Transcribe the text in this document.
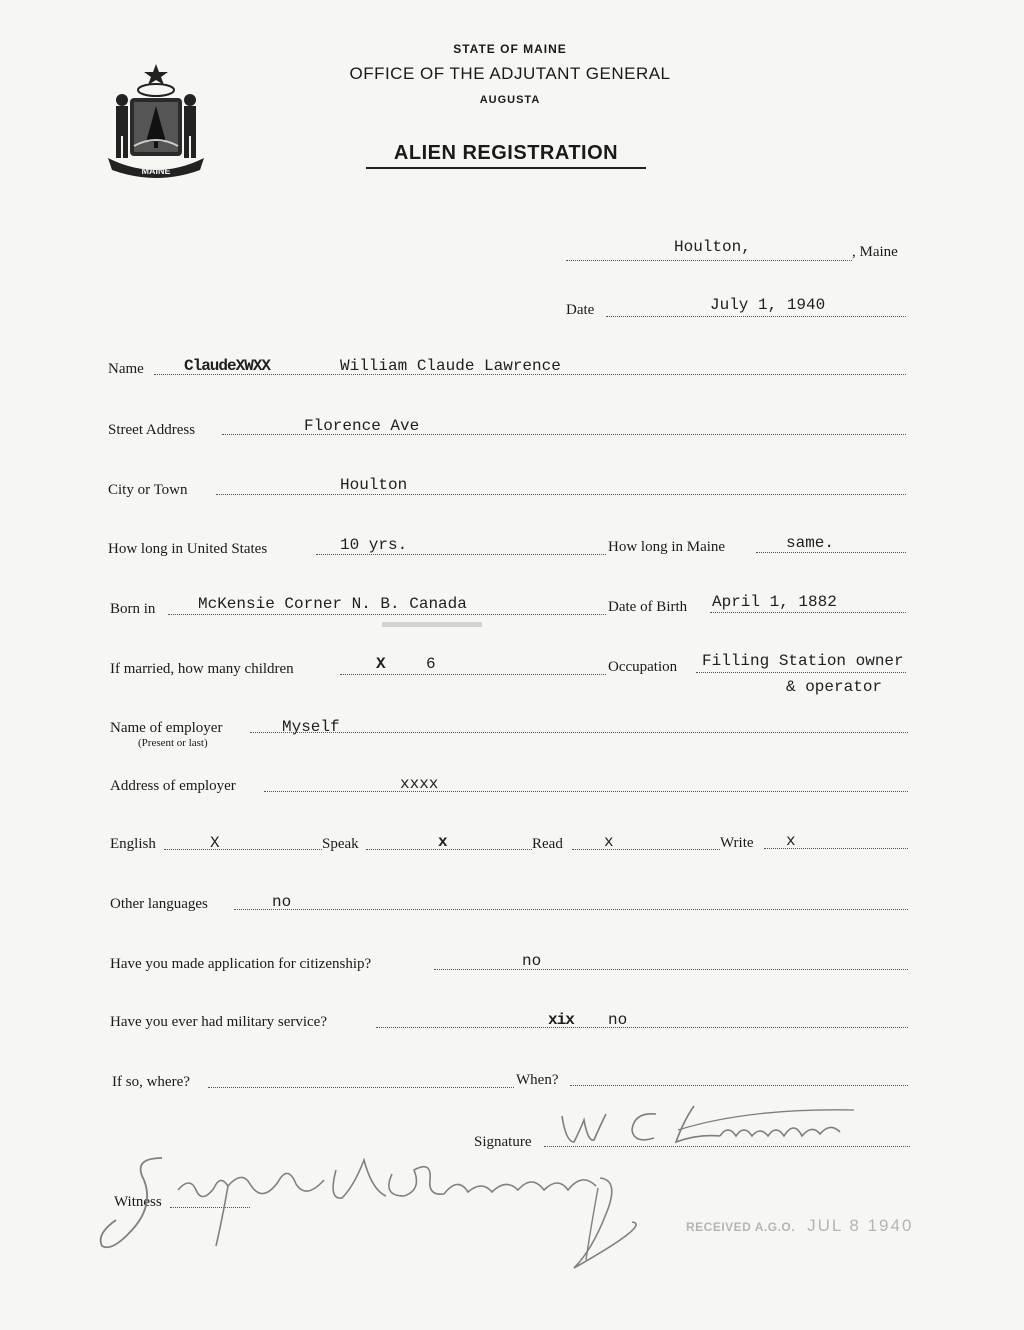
MAINE
STATE OF MAINE
OFFICE OF THE ADJUTANT GENERAL
AUGUSTA
ALIEN REGISTRATION
Houlton,	, Maine
Date	July 1, 1940
Name	ClaudeXWXX	William Claude Lawrence
Street Address	Florence Ave
City or Town	Houlton
How long in United States	10 yrs.	How long in Maine	same.
Born in	McKensie Corner N. B. Canada	Date of Birth April 1, 1882
If married, how many children	X	6	Occupation Filling Station owner
& operator
Name of employer
(Present or last)
Myself
Address of employer	xxxx
English	X	Speak	x	Read	x	Write x
Other languages	no
Have you made application for citizenship?	no
Have you ever had military service?	xix no
If so, where?	When?
Signature
Witness
RECEIVED A.G.O. JUL 8 1940
